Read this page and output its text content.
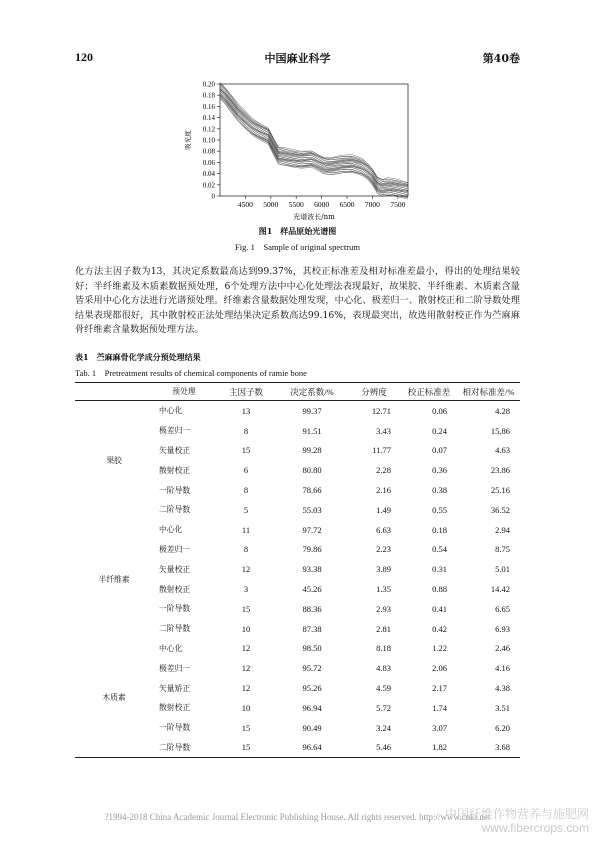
120	中国麻业科学	第40卷
0
0.02
0.04
0.06
0.08
0.10
0.12
0.14
0.16
0.18
0.20
4500 5000 5500 6000 6500 7000 7500
吸光度
光谱波长/nm
图1　样品原始光谱图
Fig. 1　Sample of original spectrum
化方法主因子数为13，其决定系数最高达到99.37%，其校正标准差及相对标准差最小，得出的处理结果较好；半纤维素及木质素数据预处理，6个处理方法中中心化处理法表现最好，故果胶、半纤维素、木质素含量皆采用中心化方法进行光谱预处理。纤维素含量数据处理发现，中心化、极差归一、散射校正和二阶导数处理结果表现都很好，其中散射校正法处理结果决定系数高达99.16%，表现最突出，故选用散射校正作为苎麻麻骨纤维素含量数据预处理方法。
表1　苎麻麻骨化学成分预处理结果
Tab. 1　Pretreatment results of chemical components of ramie bone
	预处理	主因子数	决定系数/%	分辨度	校正标准差	相对标准差/%
果胶	中心化	13	99.37	12.71	0.06	4.28
	极差归一	8	91.51	3.43	0.24	15.86
	矢量校正	15	99.28	11.77	0.07	4.63
	散射校正	6	80.80	2.28	0.36	23.86
	一阶导数	8	78.66	2.16	0.38	25.16
	二阶导数	5	55.03	1.49	0.55	36.52
半纤维素	中心化	11	97.72	6.63	0.18	2.94
	极差归一	8	79.86	2.23	0.54	8.75
	矢量校正	12	93.38	3.89	0.31	5.01
	散射校正	3	45.26	1.35	0.88	14.42
	一阶导数	15	88.36	2.93	0.41	6.65
	二阶导数	10	87.38	2.81	0.42	6.93
木质素	中心化	12	98.50	8.18	1.22	2.46
	极差归一	12	95.72	4.83	2.06	4.16
	矢量矫正	12	95.26	4.59	2.17	4.38
	散射校正	10	96.94	5.72	1.74	3.51
	一阶导数	15	90.49	3.24	3.07	6.20
	二阶导数	15	96.64	5.46	1.82	3.68
?1994-2018 China Academic Journal Electronic Publishing House. All rights reserved. http://www.cnki.net
中国纤维作物营养与施肥网
www.fibercrops.com
